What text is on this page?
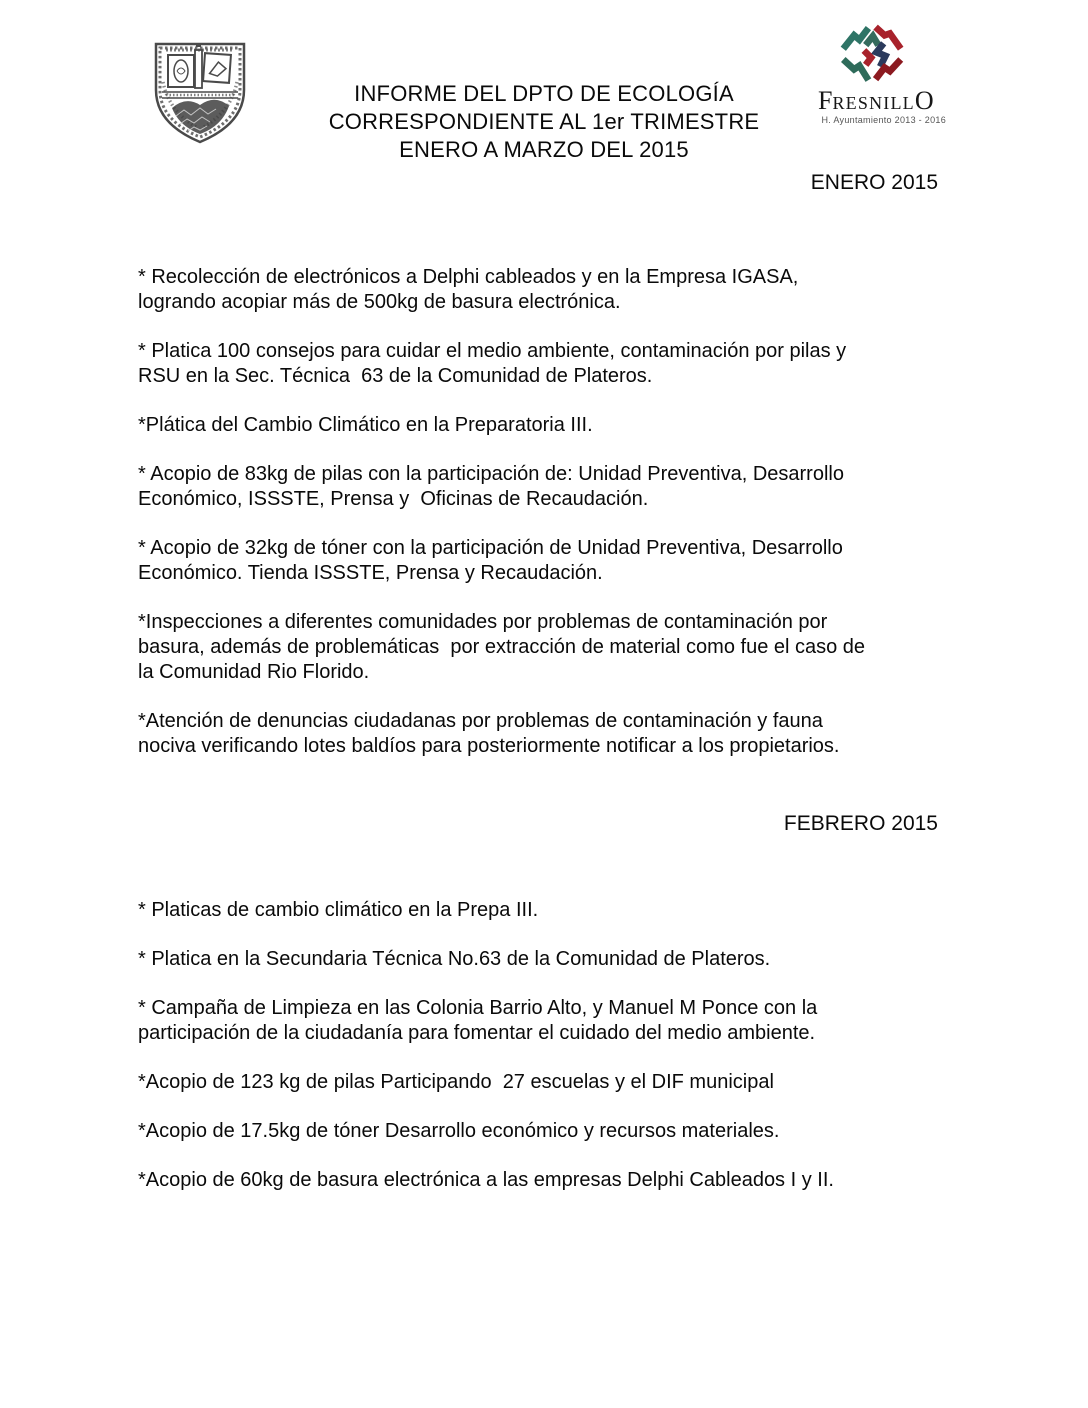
INFORME DEL DPTO DE ECOLOGÍA
CORRESPONDIENTE AL 1er TRIMESTRE
ENERO A MARZO DEL 2015
FRESNILLO
H. Ayuntamiento 2013 - 2016
ENERO 2015

* Recolección de electrónicos a Delphi cableados y en la Empresa IGASA,
logrando acopiar más de 500kg de basura electrónica.

* Platica 100 consejos para cuidar el medio ambiente, contaminación por pilas y
RSU en la Sec. Técnica  63 de la Comunidad de Plateros.

*Plática del Cambio Climático en la Preparatoria III.

* Acopio de 83kg de pilas con la participación de: Unidad Preventiva, Desarrollo
Económico, ISSSTE, Prensa y  Oficinas de Recaudación.

* Acopio de 32kg de tóner con la participación de Unidad Preventiva, Desarrollo
Económico. Tienda ISSSTE, Prensa y Recaudación.

*Inspecciones a diferentes comunidades por problemas de contaminación por
basura, además de problemáticas  por extracción de material como fue el caso de
la Comunidad Rio Florido.

*Atención de denuncias ciudadanas por problemas de contaminación y fauna
nociva verificando lotes baldíos para posteriormente notificar a los propietarios.

FEBRERO 2015

* Platicas de cambio climático en la Prepa III.

* Platica en la Secundaria Técnica No.63 de la Comunidad de Plateros.

* Campaña de Limpieza en las Colonia Barrio Alto, y Manuel M Ponce con la
participación de la ciudadanía para fomentar el cuidado del medio ambiente.

*Acopio de 123 kg de pilas Participando  27 escuelas y el DIF municipal

*Acopio de 17.5kg de tóner Desarrollo económico y recursos materiales.

*Acopio de 60kg de basura electrónica a las empresas Delphi Cableados I y II.
